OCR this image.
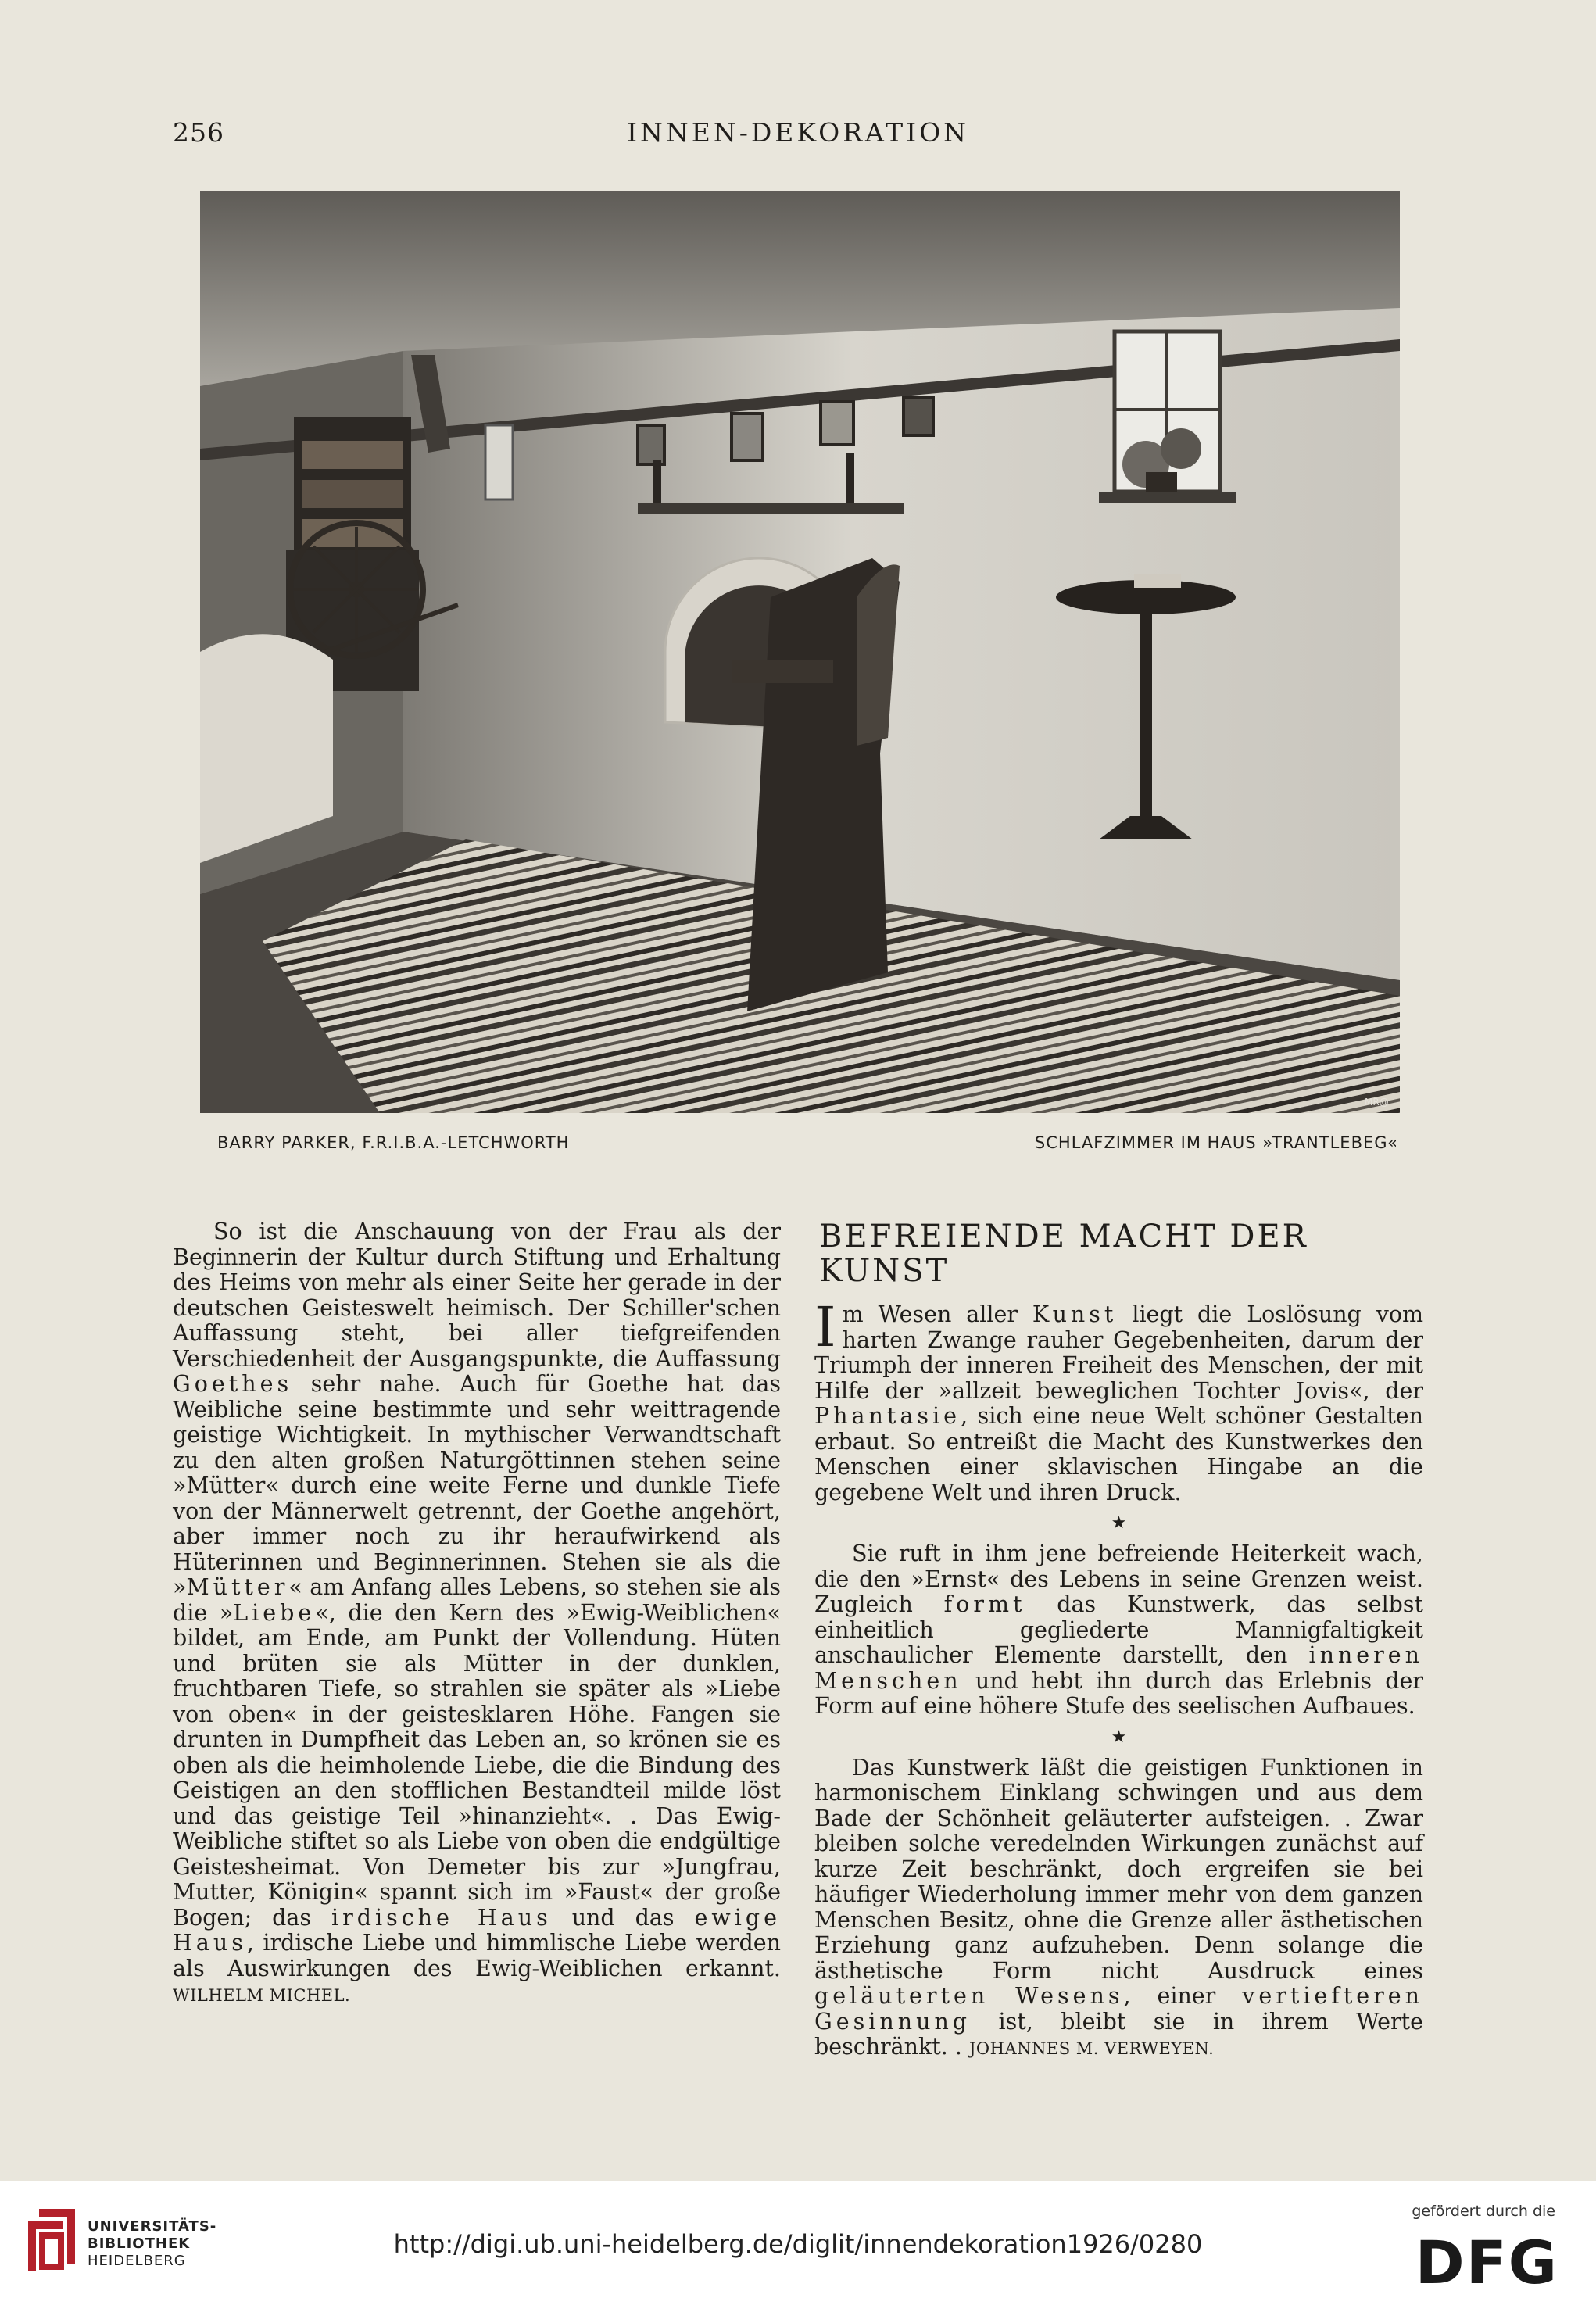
256	INNEN-DEKORATION
MR@
BARRY PARKER, F.R.I.B.A.-LETCHWORTH	SCHLAFZIMMER IM HAUS »TRANTLEBEG«

So ist die Anschauung von der Frau als der Beginnerin der Kultur durch Stiftung und Erhaltung des Heims von mehr als einer Seite her gerade in der deutschen Geisteswelt heimisch. Der Schiller'schen Auffassung steht, bei aller tiefgreifenden Verschiedenheit der Ausgangspunkte, die Auffassung Goethes sehr nahe. Auch für Goethe hat das Weibliche seine bestimmte und sehr weittragende geistige Wichtigkeit. In mythischer Verwandtschaft zu den alten großen Naturgöttinnen stehen seine »Mütter« durch eine weite Ferne und dunkle Tiefe von der Männerwelt getrennt, der Goethe angehört, aber immer noch zu ihr heraufwirkend als Hüterinnen und Beginnerinnen. Stehen sie als die »Mütter« am Anfang alles Lebens, so stehen sie als die »Liebe«, die den Kern des »Ewig-Weiblichen« bildet, am Ende, am Punkt der Vollendung. Hüten und brüten sie als Mütter in der dunklen, fruchtbaren Tiefe, so strahlen sie später als »Liebe von oben« in der geistesklaren Höhe. Fangen sie drunten in Dumpfheit das Leben an, so krönen sie es oben als die heimholende Liebe, die die Bindung des Geistigen an den stofflichen Bestandteil milde löst und das geistige Teil »hinanzieht«. . Das Ewig-Weibliche stiftet so als Liebe von oben die endgültige Geistesheimat. Von Demeter bis zur »Jungfrau, Mutter, Königin« spannt sich im »Faust« der große Bogen; das irdische Haus und das ewige Haus, irdische Liebe und himmlische Liebe werden als Auswirkungen des Ewig-Weiblichen erkannt. WILHELM MICHEL.

BEFREIENDE MACHT DER KUNST

Im Wesen aller Kunst liegt die Loslösung vom harten Zwange rauher Gegebenheiten, darum der Triumph der inneren Freiheit des Menschen, der mit Hilfe der »allzeit beweglichen Tochter Jovis«, der Phantasie, sich eine neue Welt schöner Gestalten erbaut. So entreißt die Macht des Kunstwerkes den Menschen einer sklavischen Hingabe an die gegebene Welt und ihren Druck.

★

Sie ruft in ihm jene befreiende Heiterkeit wach, die den »Ernst« des Lebens in seine Grenzen weist. Zugleich formt das Kunstwerk, das selbst einheitlich gegliederte Mannigfaltigkeit anschaulicher Elemente darstellt, den inneren Menschen und hebt ihn durch das Erlebnis der Form auf eine höhere Stufe des seelischen Aufbaues.

★

Das Kunstwerk läßt die geistigen Funktionen in harmonischem Einklang schwingen und aus dem Bade der Schönheit geläuterter aufsteigen. . Zwar bleiben solche veredelnden Wirkungen zunächst auf kurze Zeit beschränkt, doch ergreifen sie bei häufiger Wiederholung immer mehr von dem ganzen Menschen Besitz, ohne die Grenze aller ästhetischen Erziehung ganz aufzuheben. Denn solange die ästhetische Form nicht Ausdruck eines geläuterten Wesens, einer vertiefteren Gesinnung ist, bleibt sie in ihrem Werte beschränkt. . JOHANNES M. VERWEYEN.

UNIVERSITÄTS-
BIBLIOTHEK
HEIDELBERG
http://digi.ub.uni-heidelberg.de/diglit/innendekoration1926/0280
gefördert durch die
DFG
